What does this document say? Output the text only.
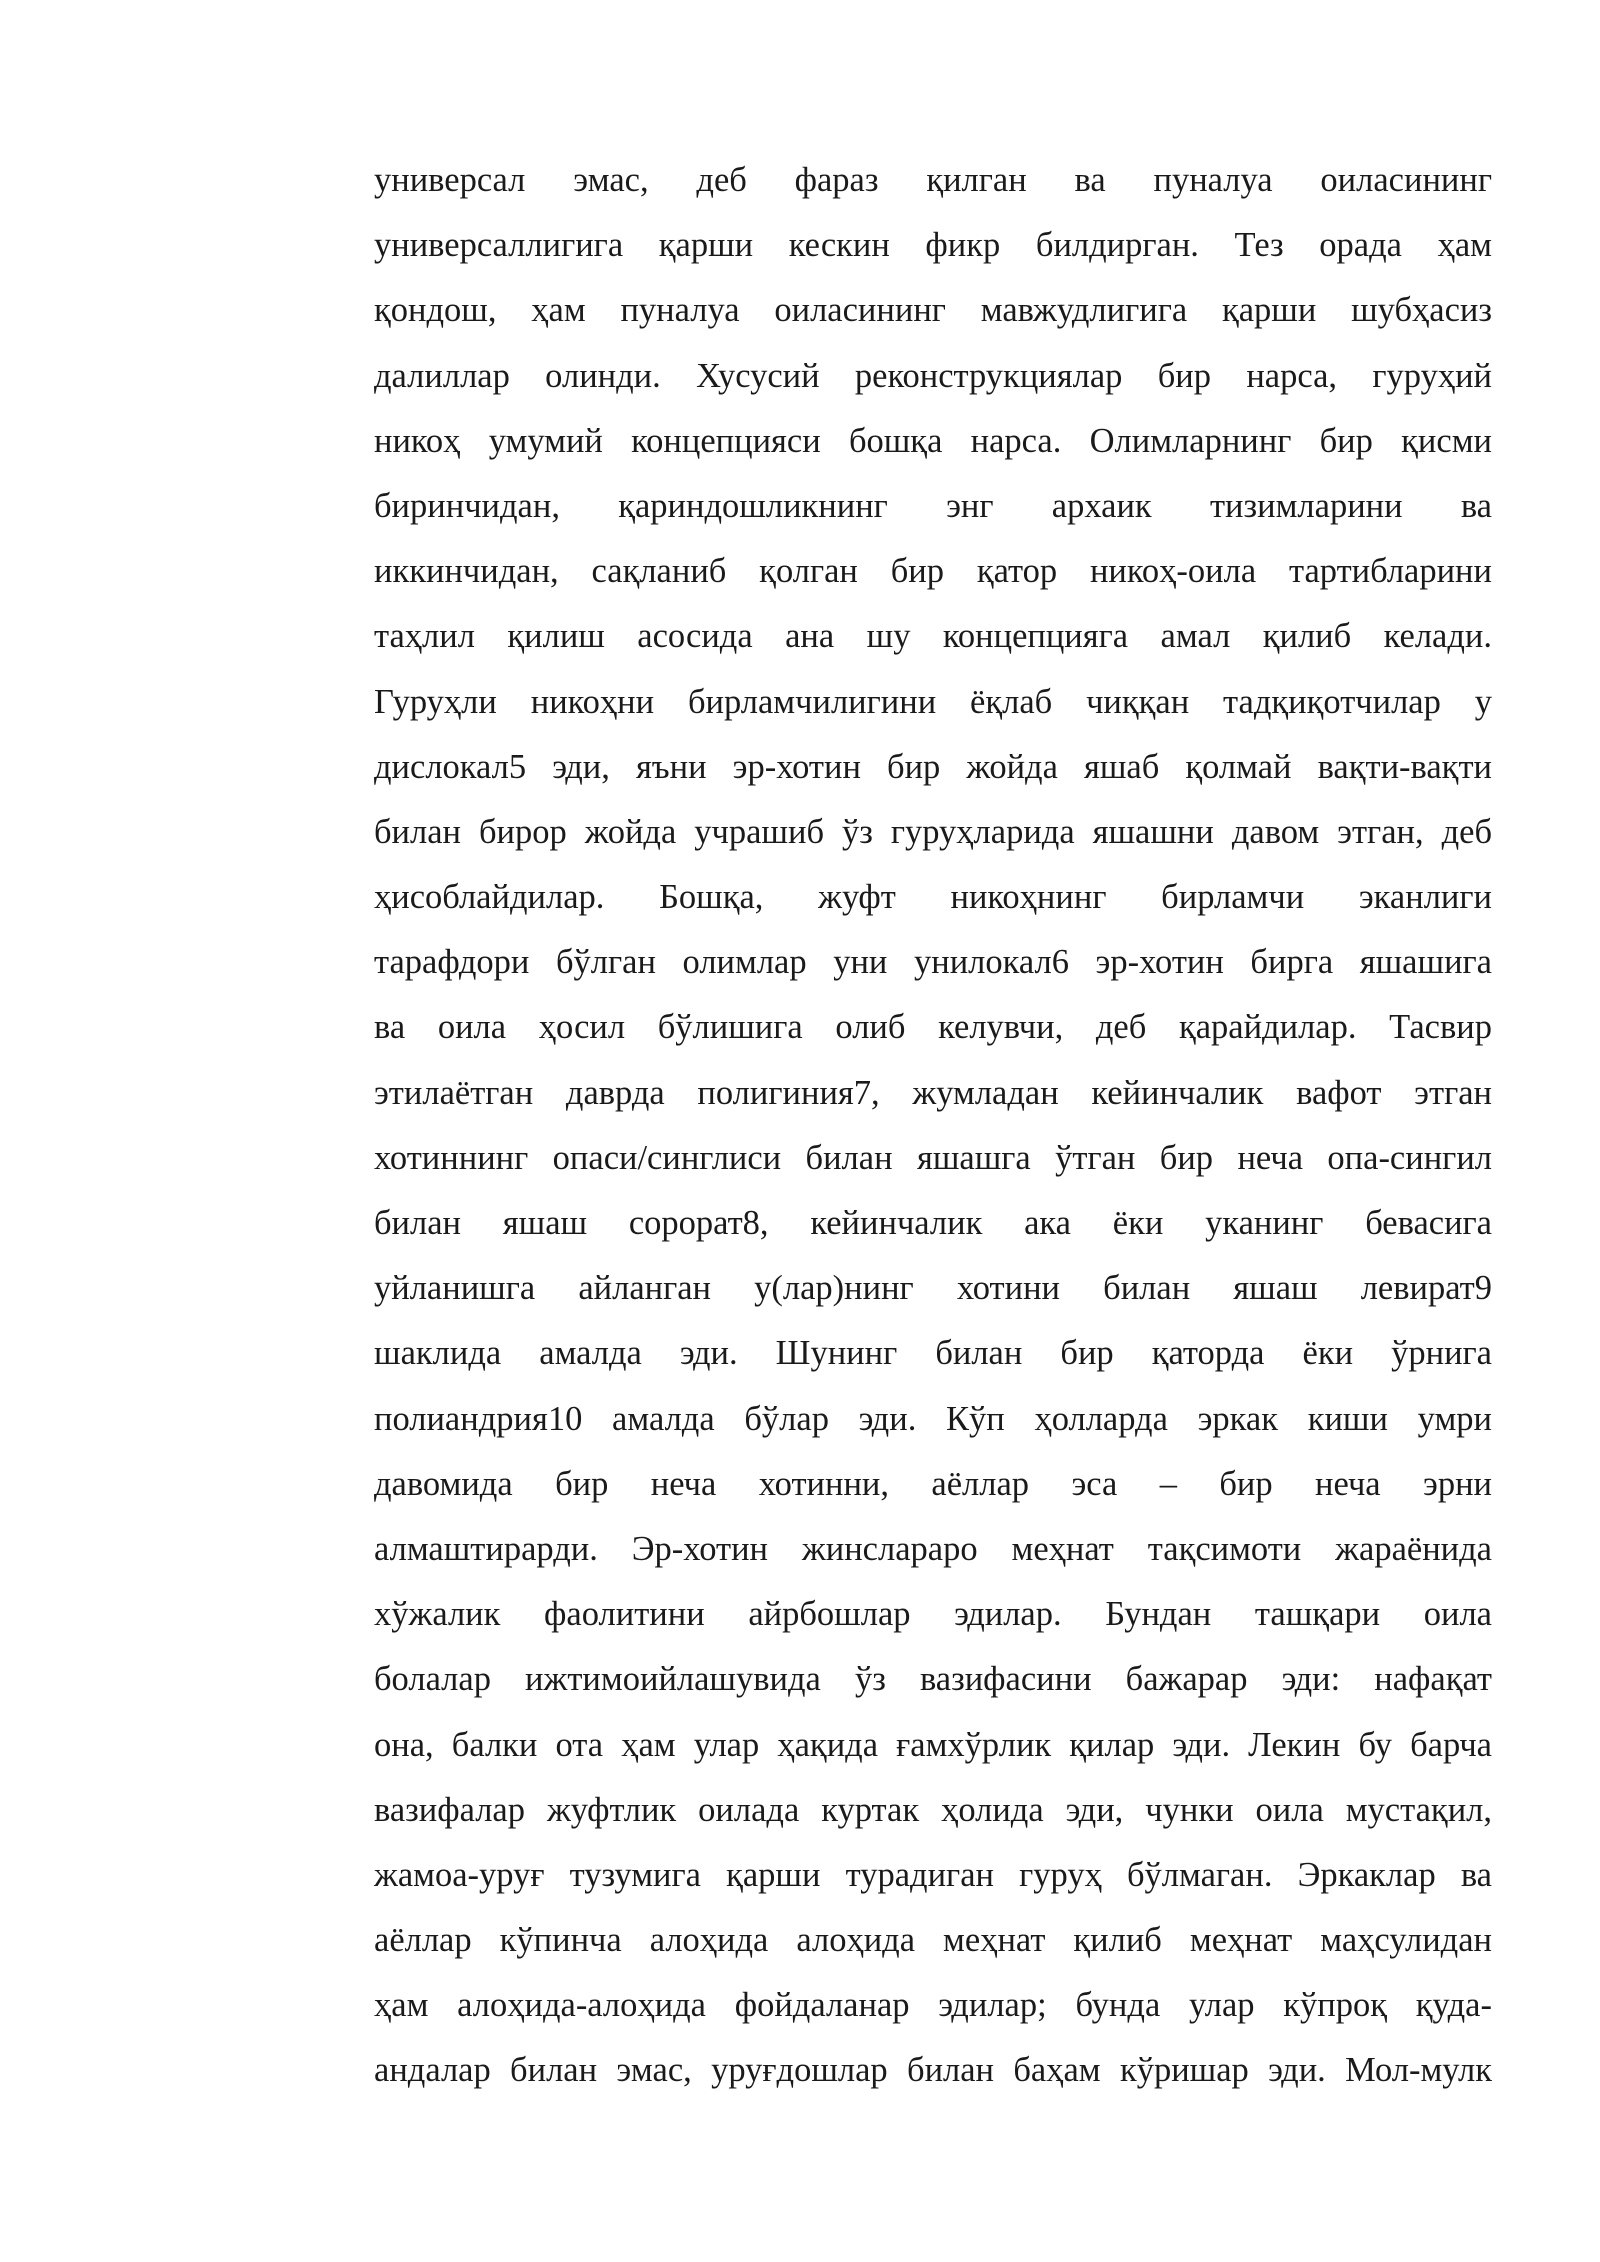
универсал эмас, деб фараз қилган ва пуналуа оиласининг
универсаллигига қарши кескин фикр билдирган. Тез орада ҳам
қондош, ҳам пуналуа оиласининг мавжудлигига қарши шубҳасиз
далиллар олинди. Хусусий реконструкциялар бир нарса, гуруҳий
никоҳ умумий концепцияси бошқа нарса. Олимларнинг бир қисми
биринчидан, қариндошликнинг энг архаик тизимларини ва
иккинчидан, сақланиб қолган бир қатор никоҳ-оила тартибларини
таҳлил қилиш асосида ана шу концепцияга амал қилиб келади.
Гуруҳли никоҳни бирламчилигини ёқлаб чиққан тадқиқотчилар у
дислокал5 эди, яъни эр-хотин бир жойда яшаб қолмай вақти-вақти
билан бирор жойда учрашиб ўз гуруҳларида яшашни давом этган, деб
ҳисоблайдилар. Бошқа, жуфт никоҳнинг бирламчи эканлиги
тарафдори бўлган олимлар уни унилокал6 эр-хотин бирга яшашига
ва оила ҳосил бўлишига олиб келувчи, деб қарайдилар. Тасвир
этилаётган даврда полигиния7, жумладан кейинчалик вафот этган
хотиннинг опаси/синглиси билан яшашга ўтган бир неча опа-сингил
билан яшаш сорорат8, кейинчалик ака ёки уканинг бевасига
уйланишга айланган у(лар)нинг хотини билан яшаш левират9
шаклида амалда эди. Шунинг билан бир қаторда ёки ўрнига
полиандрия10 амалда бўлар эди. Кўп ҳолларда эркак киши умри
давомида бир неча хотинни, аёллар эса – бир неча эрни
алмаштирарди. Эр-хотин жинслараро меҳнат тақсимоти жараёнида
хўжалик фаолитини айрбошлар эдилар. Бундан ташқари оила
болалар ижтимоийлашувида ўз вазифасини бажарар эди: нафақат
она, балки ота ҳам улар ҳақида ғамхўрлик қилар эди. Лекин бу барча
вазифалар жуфтлик оилада куртак ҳолида эди, чунки оила мустақил,
жамоа-уруғ тузумига қарши турадиган гуруҳ бўлмаган. Эркаклар ва
аёллар кўпинча алоҳида алоҳида меҳнат қилиб меҳнат маҳсулидан
ҳам алоҳида-алоҳида фойдаланар эдилар; бунда улар кўпроқ қуда-
андалар билан эмас, уруғдошлар билан баҳам кўришар эди. Мол-мулк
